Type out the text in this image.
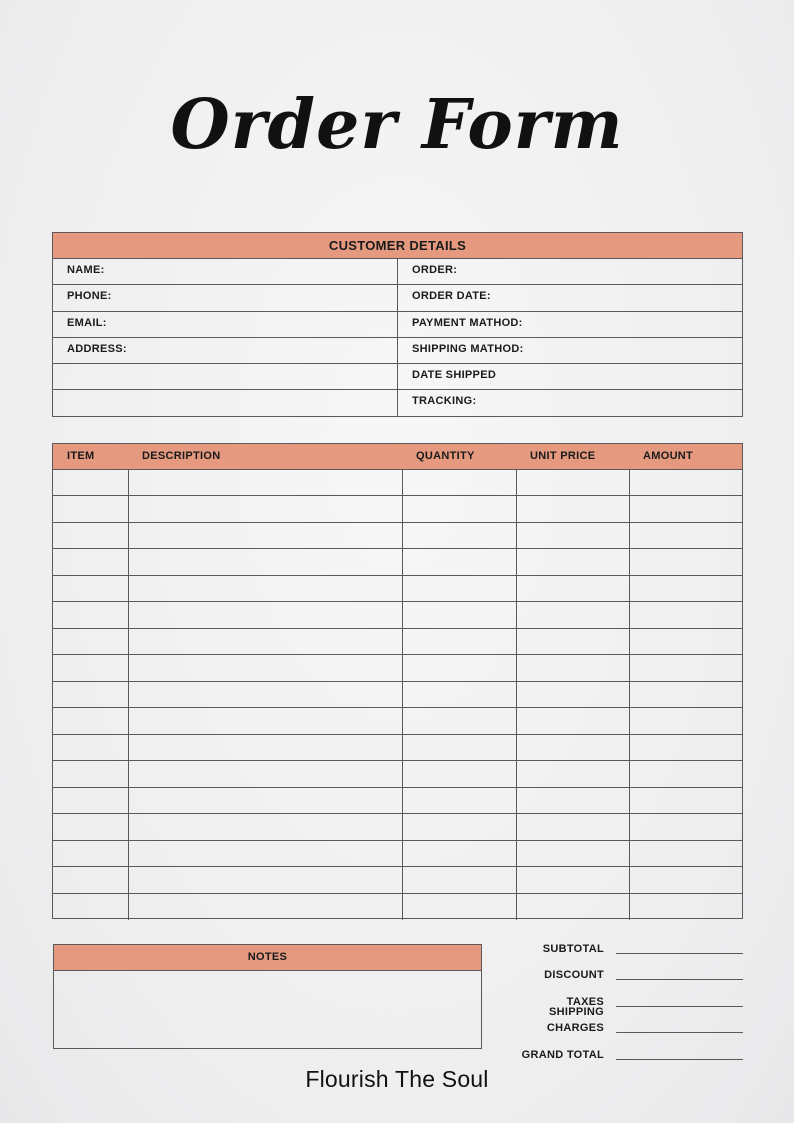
Order Form
CUSTOMER DETAILS
NAME:	ORDER:
PHONE:	ORDER DATE:
EMAIL:	PAYMENT MATHOD:
ADDRESS:	SHIPPING MATHOD:
DATE SHIPPED
TRACKING:
ITEM	DESCRIPTION	QUANTITY	UNIT PRICE	AMOUNT

NOTES
SUBTOTAL
DISCOUNT
TAXES
SHIPPING CHARGES
GRAND TOTAL
Flourish The Soul
